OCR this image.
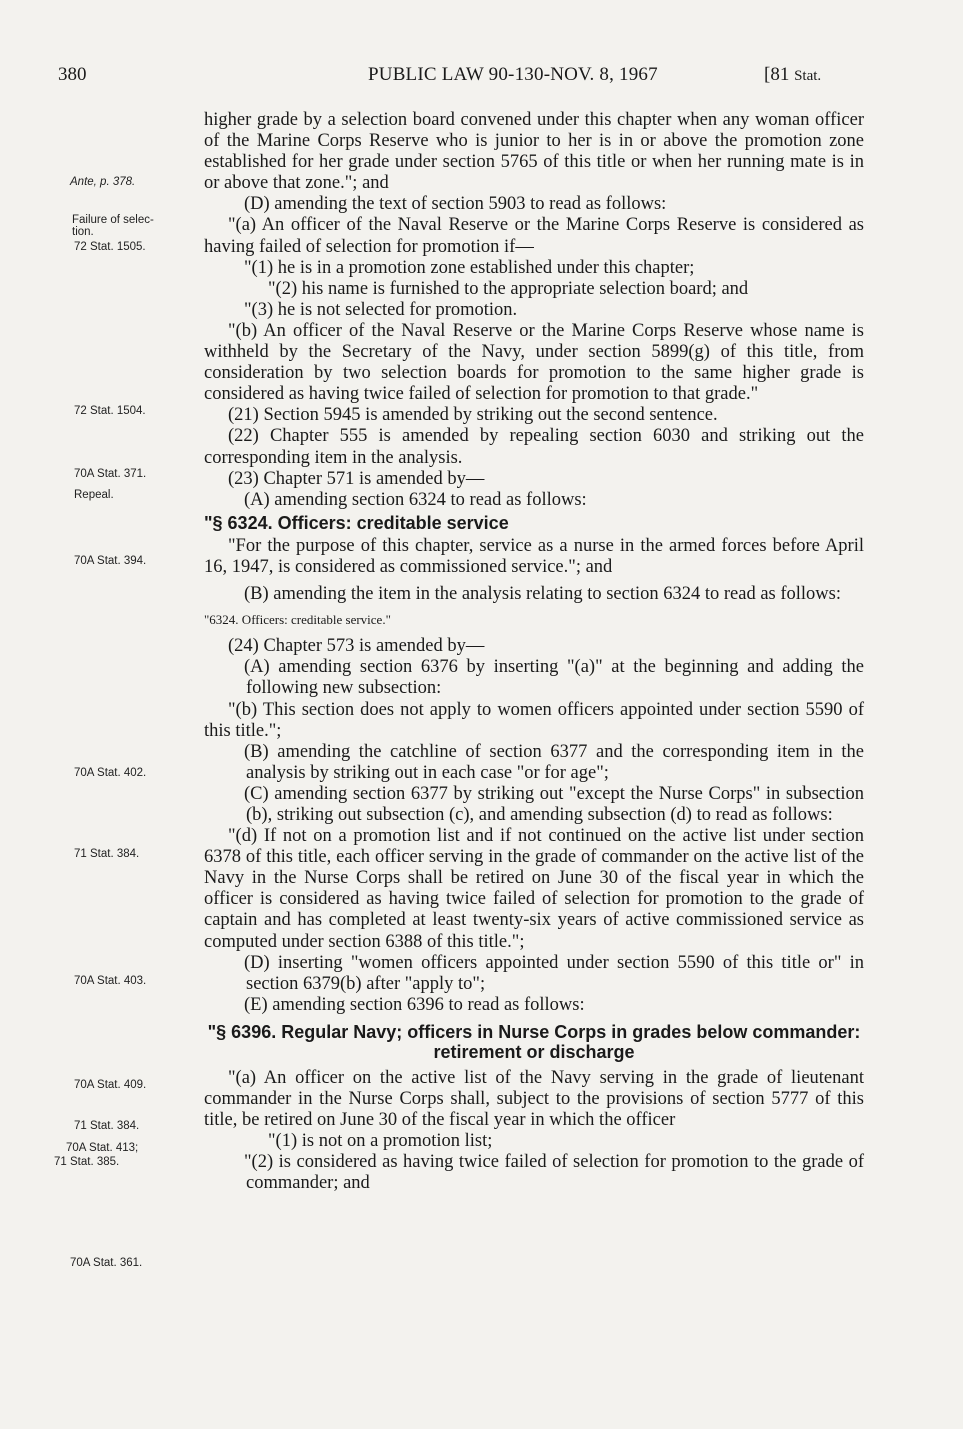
380	PUBLIC LAW 90-130-NOV. 8, 1967	[81 Stat.
Ante, p. 378.
Failure of selec-
tion.
72 Stat. 1505.
72 Stat. 1504.
70A Stat. 371.
Repeal.
70A Stat. 394.
70A Stat. 402.
71 Stat. 384.
70A Stat. 403.
70A Stat. 409.
71 Stat. 384.
70A Stat. 413;
71 Stat. 385.
70A Stat. 361.

higher grade by a selection board convened under this chapter when any woman officer of the Marine Corps Reserve who is junior to her is in or above the promotion zone established for her grade under section 5765 of this title or when her running mate is in or above that zone."; and

(D) amending the text of section 5903 to read as follows:

"(a) An officer of the Naval Reserve or the Marine Corps Reserve is considered as having failed of selection for promotion if—

"(1) he is in a promotion zone established under this chapter;

"(2) his name is furnished to the appropriate selection board; and

"(3) he is not selected for promotion.

"(b) An officer of the Naval Reserve or the Marine Corps Reserve whose name is withheld by the Secretary of the Navy, under section 5899(g) of this title, from consideration by two selection boards for promotion to the same higher grade is considered as having twice failed of selection for promotion to that grade."

(21) Section 5945 is amended by striking out the second sentence.

(22) Chapter 555 is amended by repealing section 6030 and striking out the corresponding item in the analysis.

(23) Chapter 571 is amended by—

(A) amending section 6324 to read as follows:

"§ 6324. Officers: creditable service

"For the purpose of this chapter, service as a nurse in the armed forces before April 16, 1947, is considered as commissioned service."; and

(B) amending the item in the analysis relating to section 6324 to read as follows:

"6324. Officers: creditable service."

(24) Chapter 573 is amended by—

(A) amending section 6376 by inserting "(a)" at the beginning and adding the following new subsection:

"(b) This section does not apply to women officers appointed under section 5590 of this title.";

(B) amending the catchline of section 6377 and the corresponding item in the analysis by striking out in each case "or for age";

(C) amending section 6377 by striking out "except the Nurse Corps" in subsection (b), striking out subsection (c), and amending subsection (d) to read as follows:

"(d) If not on a promotion list and if not continued on the active list under section 6378 of this title, each officer serving in the grade of commander on the active list of the Navy in the Nurse Corps shall be retired on June 30 of the fiscal year in which the officer is considered as having twice failed of selection for promotion to the grade of captain and has completed at least twenty-six years of active commissioned service as computed under section 6388 of this title.";

(D) inserting "women officers appointed under section 5590 of this title or" in section 6379(b) after "apply to";

(E) amending section 6396 to read as follows:

"§ 6396. Regular Navy; officers in Nurse Corps in grades below commander: retirement or discharge

"(a) An officer on the active list of the Navy serving in the grade of lieutenant commander in the Nurse Corps shall, subject to the provisions of section 5777 of this title, be retired on June 30 of the fiscal year in which the officer

"(1) is not on a promotion list;

"(2) is considered as having twice failed of selection for promotion to the grade of commander; and
